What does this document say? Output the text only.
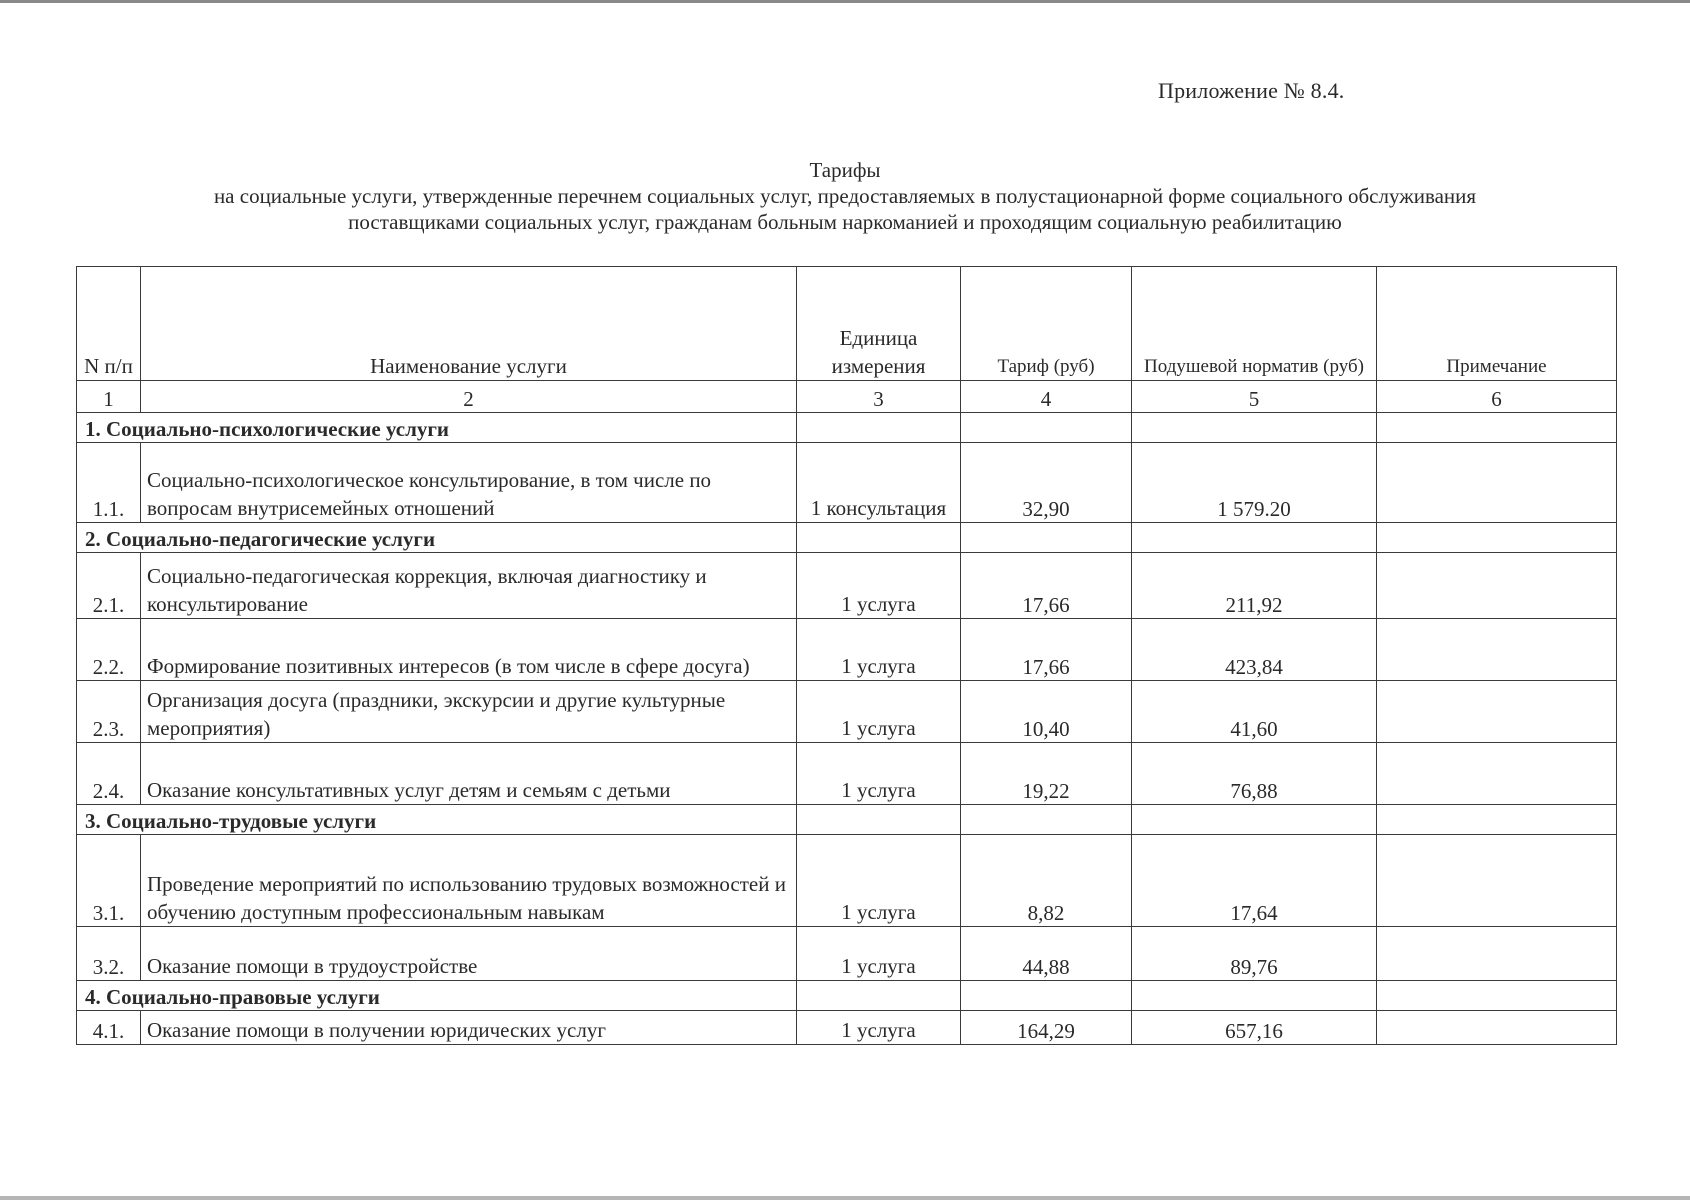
Приложение № 8.4.
Тарифы
на социальные услуги, утвержденные перечнем социальных услуг, предоставляемых в полустационарной форме социального обслуживания
поставщиками социальных услуг, гражданам больным наркоманией и проходящим социальную реабилитацию
N п/п	Наименование услуги	Единица измерения	Тариф (руб)	Подушевой норматив (руб)	Примечание
1	2	3	4	5	6
1. Социально-психологические услуги					
1.1.	Социально-психологическое консультирование, в том числе по вопросам внутрисемейных отношений	1 консультация	32,90	1 579.20	
2. Социально-педагогические услуги					
2.1.	Социально-педагогическая коррекция, включая диагностику и консультирование	1 услуга	17,66	211,92	
2.2.	Формирование позитивных интересов (в том числе в сфере досуга)	1 услуга	17,66	423,84	
2.3.	Организация досуга (праздники, экскурсии и другие культурные мероприятия)	1 услуга	10,40	41,60	
2.4.	Оказание консультативных услуг детям и семьям с детьми	1 услуга	19,22	76,88	
3. Социально-трудовые услуги					
3.1.	Проведение мероприятий по использованию трудовых возможностей и обучению доступным профессиональным навыкам	1 услуга	8,82	17,64	
3.2.	Оказание помощи в трудоустройстве	1 услуга	44,88	89,76	
4. Социально-правовые услуги					
4.1.	Оказание помощи в получении юридических услуг	1 услуга	164,29	657,16	
